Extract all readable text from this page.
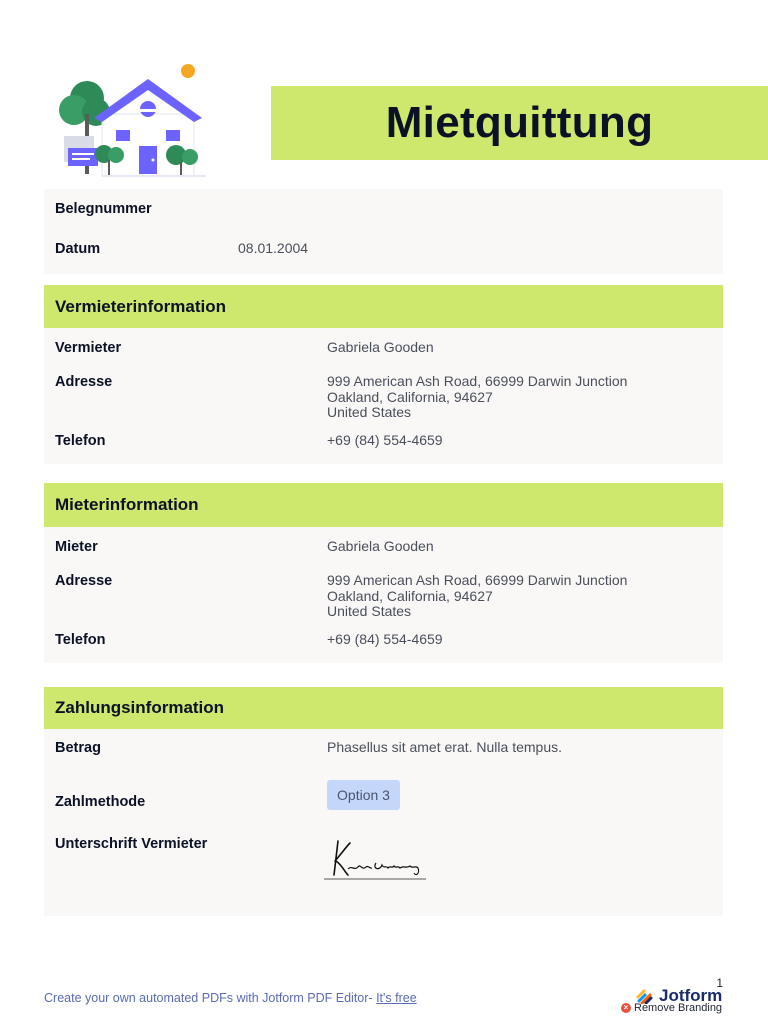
Mietquittung
Belegnummer
Datum	08.01.2004
Vermieterinformation
Vermieter	Gabriela Gooden
Adresse	999 American Ash Road, 66999 Darwin Junction
Oakland, California, 94627
United States
Telefon	+69 (84) 554-4659
Mieterinformation
Mieter	Gabriela Gooden
Adresse	999 American Ash Road, 66999 Darwin Junction
Oakland, California, 94627
United States
Telefon	+69 (84) 554-4659
Zahlungsinformation
Betrag	Phasellus sit amet erat. Nulla tempus.
Zahlmethode	Option 3
Unterschrift Vermieter
1
Create your own automated PDFs with Jotform PDF Editor- It's free	Jotform
× Remove Branding
